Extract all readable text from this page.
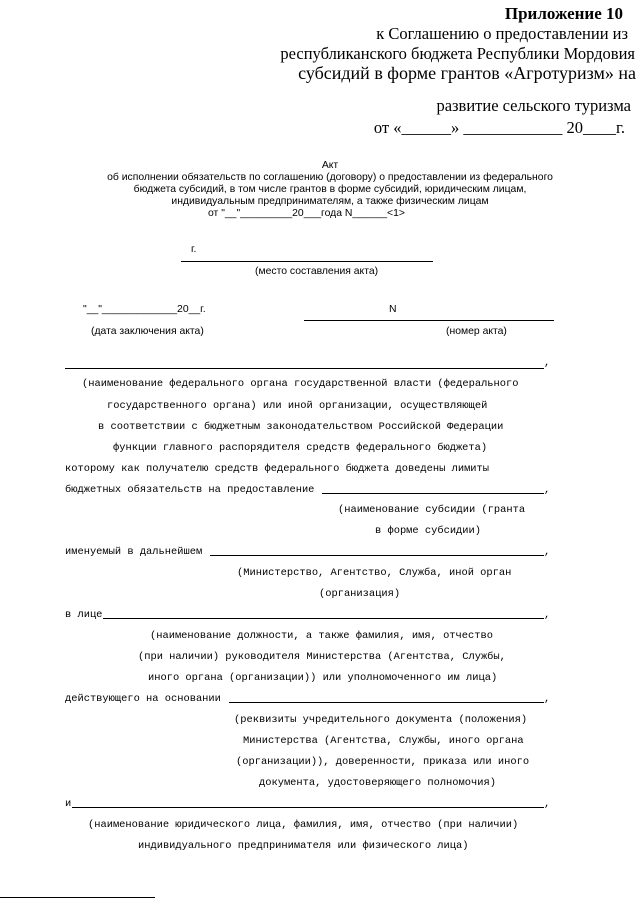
Приложение 10
к Соглашению о предоставлении из
республиканского бюджета Республики Мордовия
субсидий в форме грантов «Агротуризм» на
развитие сельского туризма
от «______» ____________ 20____г.
Акт
об исполнении обязательств по соглашению (договору) о предоставлении из федерального
бюджета субсидий, в том числе грантов в форме субсидий, юридическим лицам,
индивидуальным предпринимателям, а также физическим лицам
от "__"_________20___года N______<1>
г.
(место составления акта)
"__"_____________20__г.	N
(дата заключения акта)	(номер акта)
,
(наименование федерального органа государственной власти (федерального
государственного органа) или иной организации, осуществляющей
в соответствии с бюджетным законодательством Российской Федерации
функции главного распорядителя средств федерального бюджета)
которому как получателю средств федерального бюджета доведены лимиты
бюджетных обязательств на предоставление	,
(наименование субсидии (гранта
в форме субсидии)
именуемый в дальнейшем	,
(Министерство, Агентство, Служба, иной орган
(организация)
в лице	,
(наименование должности, а также фамилия, имя, отчество
(при наличии) руководителя Министерства (Агентства, Службы,
иного органа (организации)) или уполномоченного им лица)
действующего на основании	,
(реквизиты учредительного документа (положения)
Министерства (Агентства, Службы, иного органа
(организации)), доверенности, приказа или иного
документа, удостоверяющего полномочия)
и	,
(наименование юридического лица, фамилия, имя, отчество (при наличии)
индивидуального предпринимателя или физического лица)
